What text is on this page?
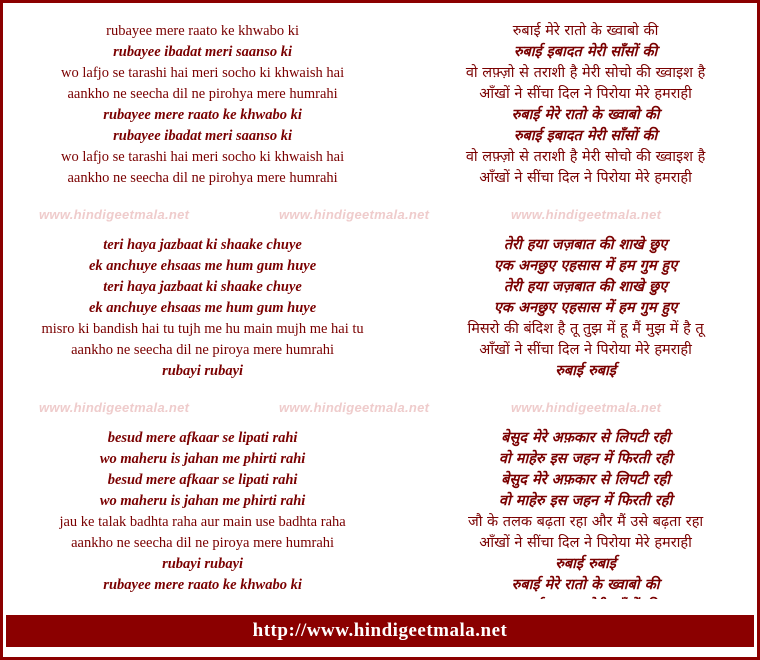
rubayee mere raato ke khwabo ki	रुबाई मेरे रातो के ख्वाबो की
rubayee ibadat meri saanso ki	रुबाई इबादत मेरी साँसों की
wo lafjo se tarashi hai meri socho ki khwaish hai	वो लफ़्ज़ो से तराशी है मेरी सोचो की ख्वाइश है
aankho ne seecha dil ne pirohya mere humrahi	आँखों ने सींचा दिल ने पिरोया मेरे हमराही
rubayee mere raato ke khwabo ki	रुबाई मेरे रातो के ख्वाबो की
rubayee ibadat meri saanso ki	रुबाई इबादत मेरी साँसों की
wo lafjo se tarashi hai meri socho ki khwaish hai	वो लफ़्ज़ो से तराशी है मेरी सोचो की ख्वाइश है
aankho ne seecha dil ne pirohya mere humrahi	आँखों ने सींचा दिल ने पिरोया मेरे हमराही
www.hindigeetmala.net	www.hindigeetmala.net	www.hindigeetmala.net
teri haya jazbaat ki shaake chuye	तेरी हया जज़बात की शाखे छुए
ek anchuye ehsaas me hum gum huye	एक अनछुए एहसास में हम गुम हुए
teri haya jazbaat ki shaake chuye	तेरी हया जज़बात की शाखे छुए
ek anchuye ehsaas me hum gum huye	एक अनछुए एहसास में हम गुम हुए
misro ki bandish hai tu tujh me hu main mujh me hai tu	मिसरो की बंदिश है तू तुझ में हू मैं मुझ में है तू
aankho ne seecha dil ne piroya mere humrahi	आँखों ने सींचा दिल ने पिरोया मेरे हमराही
rubayi rubayi	रुबाई रुबाई
www.hindigeetmala.net	www.hindigeetmala.net	www.hindigeetmala.net
besud mere afkaar se lipati rahi	बेसुद मेरे अफ़कार से लिपटी रही
wo maheru is jahan me phirti rahi	वो माहेरु इस जहन में फिरती रही
besud mere afkaar se lipati rahi	बेसुद मेरे अफ़कार से लिपटी रही
wo maheru is jahan me phirti rahi	वो माहेरु इस जहन में फिरती रही
jau ke talak badhta raha aur main use badhta raha	जौ के तलक बढ़ता रहा और मैं उसे बढ़ता रहा
aankho ne seecha dil ne piroya mere humrahi	आँखों ने सींचा दिल ने पिरोया मेरे हमराही
rubayi rubayi	रुबाई रुबाई
rubayee mere raato ke khwabo ki	रुबाई मेरे रातो के ख्वाबो की
http://www.hindigeetmala.net
